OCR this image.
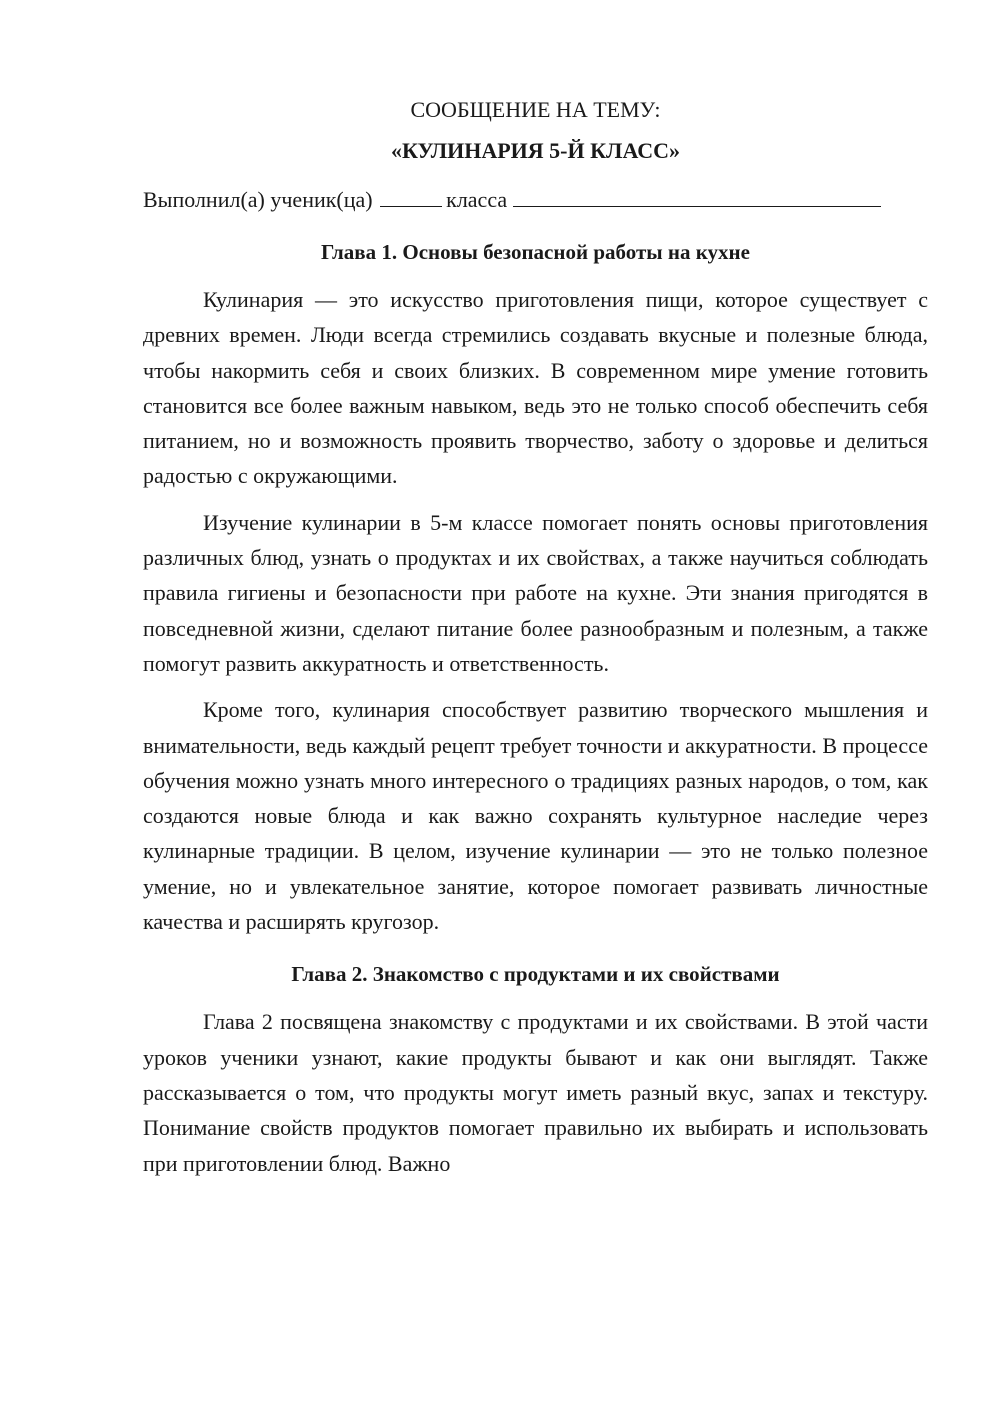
СООБЩЕНИЕ НА ТЕМУ:
«КУЛИНАРИЯ 5-Й КЛАСС»

Выполнил(а) ученик(ца)	класса

Глава 1. Основы безопасной работы на кухне

Кулинария — это искусство приготовления пищи, которое существует с древних времен. Люди всегда стремились создавать вкусные и полезные блюда, чтобы накормить себя и своих близких. В современном мире умение готовить становится все более важным навыком, ведь это не только способ обеспечить себя питанием, но и возможность проявить творчество, заботу о здоровье и делиться радостью с окружающими.

Изучение кулинарии в 5-м классе помогает понять основы приготовления различных блюд, узнать о продуктах и их свойствах, а также научиться соблюдать правила гигиены и безопасности при работе на кухне. Эти знания пригодятся в повседневной жизни, сделают питание более разнообразным и полезным, а также помогут развить аккуратность и ответственность.

Кроме того, кулинария способствует развитию творческого мышления и внимательности, ведь каждый рецепт требует точности и аккуратности. В процессе обучения можно узнать много интересного о традициях разных народов, о том, как создаются новые блюда и как важно сохранять культурное наследие через кулинарные традиции. В целом, изучение кулинарии — это не только полезное умение, но и увлекательное занятие, которое помогает развивать личностные качества и расширять кругозор.

Глава 2. Знакомство с продуктами и их свойствами

Глава 2 посвящена знакомству с продуктами и их свойствами. В этой части уроков ученики узнают, какие продукты бывают и как они выглядят. Также рассказывается о том, что продукты могут иметь разный вкус, запах и текстуру. Понимание свойств продуктов помогает правильно их выбирать и использовать при приготовлении блюд. Важно
